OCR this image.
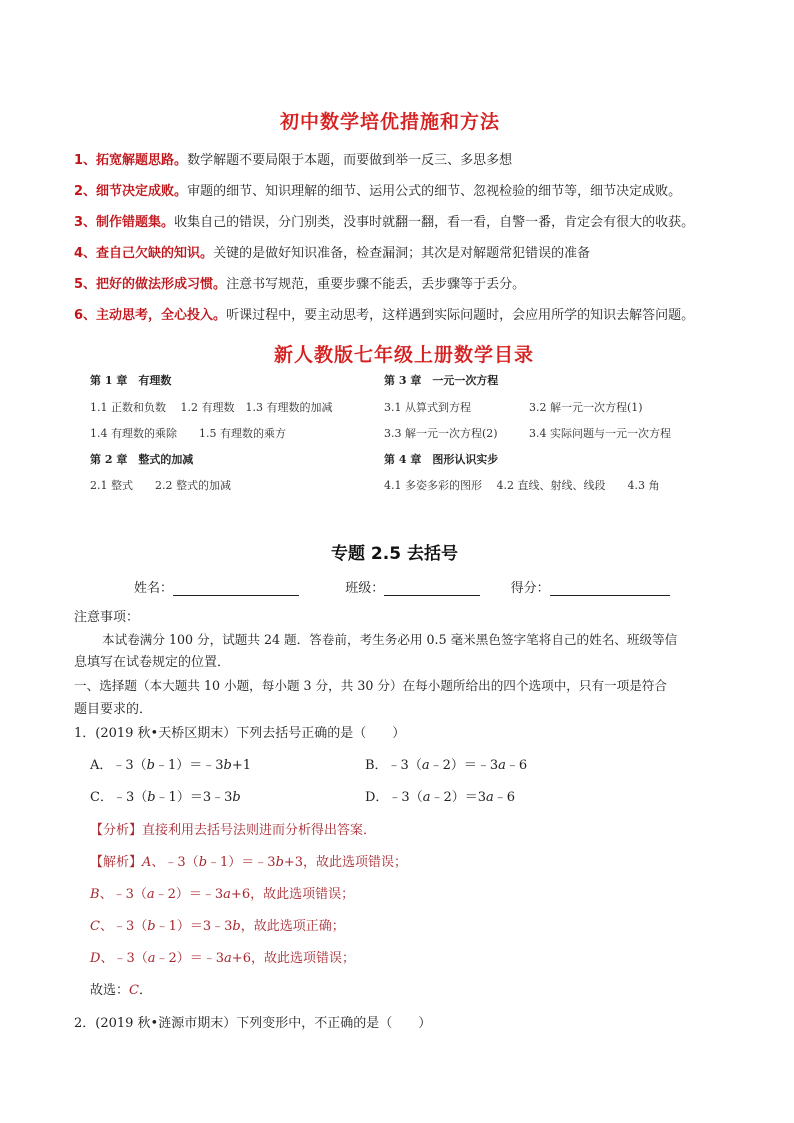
初中数学培优措施和方法
1、拓宽解题思路。数学解题不要局限于本题，而要做到举一反三、多思多想
2、细节决定成败。审题的细节、知识理解的细节、运用公式的细节、忽视检验的细节等，细节决定成败。
3、制作错题集。收集自己的错误，分门别类，没事时就翻一翻，看一看，自警一番，肯定会有很大的收获。
4、查自己欠缺的知识。关键的是做好知识准备，检查漏洞；其次是对解题常犯错误的准备
5、把好的做法形成习惯。注意书写规范，重要步骤不能丢，丢步骤等于丢分。
6、主动思考，全心投入。听课过程中，要主动思考，这样遇到实际问题时，会应用所学的知识去解答问题。
新人教版七年级上册数学目录
第 1 章　有理数
1.1 正数和负数　 1.2 有理数　1.3 有理数的加减
1.4 有理数的乘除　　1.5 有理数的乘方
第 2 章　整式的加减
2.1 整式　　2.2 整式的加减
第 3 章　一元一次方程
3.1 从算式到方程	3.2 解一元一次方程(1)
3.3 解一元一次方程(2)	3.4 实际问题与一元一次方程
第 4 章　图形认识实步
4.1 多姿多彩的图形　 4.2 直线、射线、线段　　4.3 角
专题 2.5 去括号
姓名：	班级：	得分：
注意事项：
本试卷满分 100 分，试题共 24 题．答卷前，考生务必用 0.5 毫米黑色签字笔将自己的姓名、班级等信
息填写在试卷规定的位置．
一、选择题（本大题共 10 小题，每小题 3 分，共 30 分）在每小题所给出的四个选项中，只有一项是符合
题目要求的．
1．(2019 秋•天桥区期末）下列去括号正确的是（　　）
A．﹣3（b﹣1）＝﹣3b+1	B．﹣3（a﹣2）＝﹣3a﹣6
C．﹣3（b﹣1）＝3﹣3b	D．﹣3（a﹣2）＝3a﹣6
【分析】直接利用去括号法则进而分析得出答案．
【解析】A、﹣3（b﹣1）＝﹣3b+3，故此选项错误；
B、﹣3（a﹣2）＝﹣3a+6，故此选项错误；
C、﹣3（b﹣1）＝3﹣3b，故此选项正确；
D、﹣3（a﹣2）＝﹣3a+6，故此选项错误；
故选：C．
2．(2019 秋•涟源市期末）下列变形中，不正确的是（　　）
